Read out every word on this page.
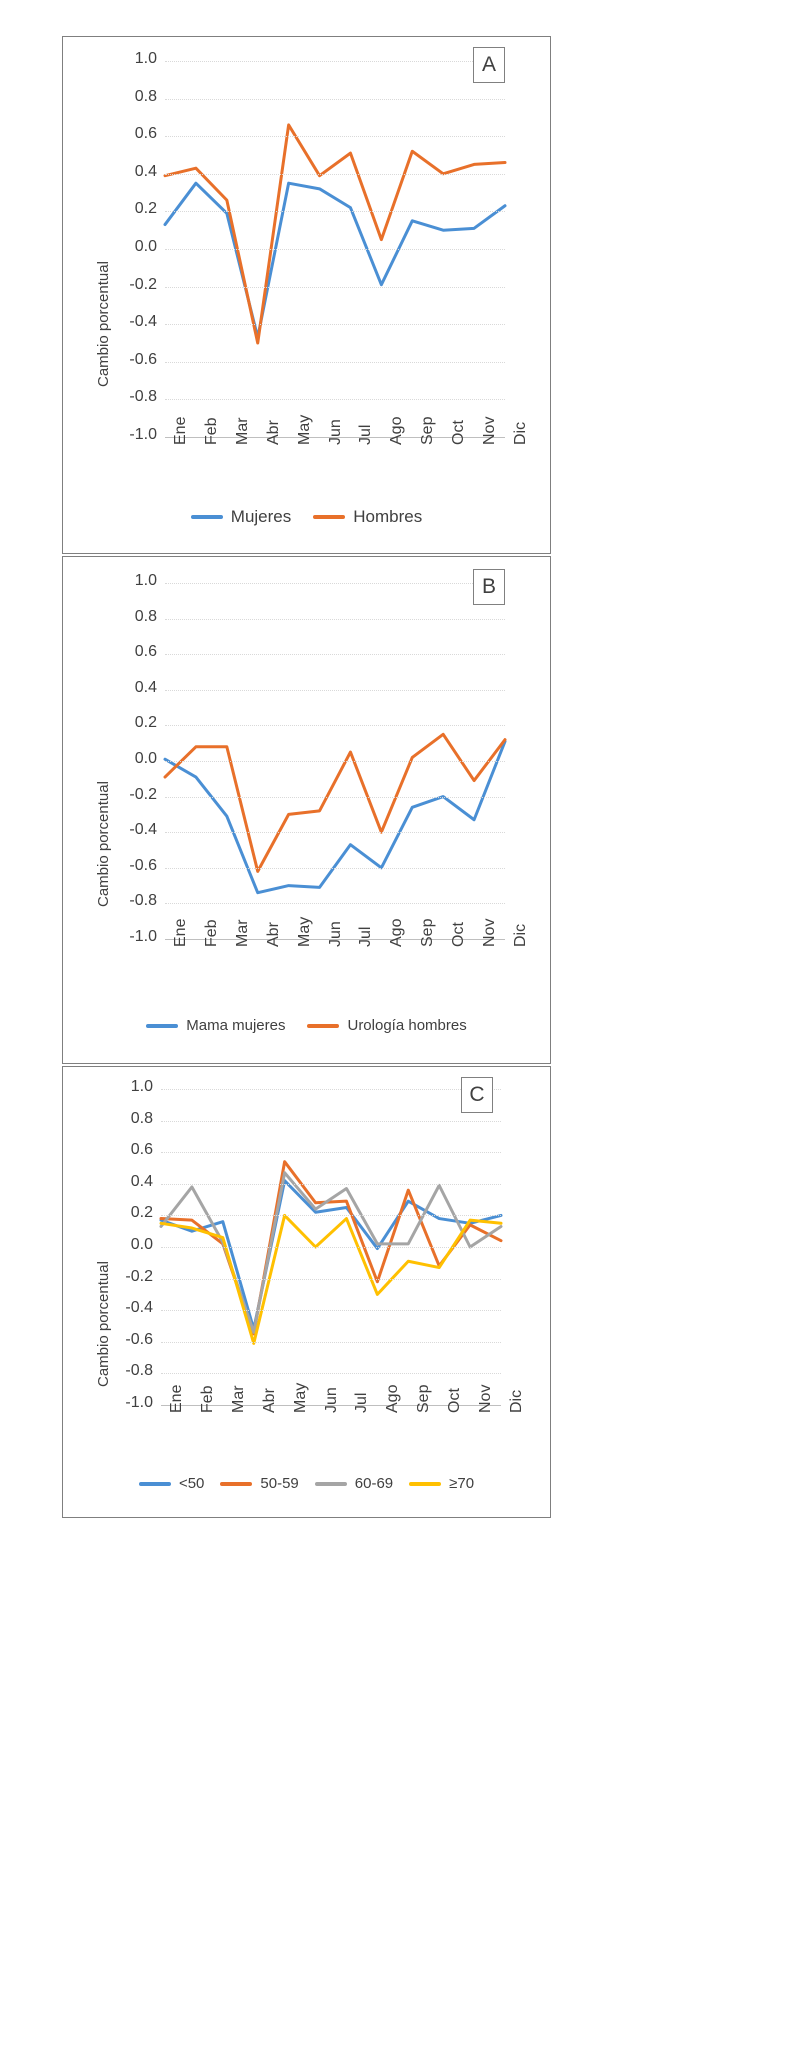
A
Cambio porcentual
Mujeres	Hombres
1.0
0.8
0.6
0.4
0.2
0.0
-0.2
-0.4
-0.6
-0.8
-1.0 Ene Feb Mar Abr May Jun Jul Ago Sep Oct Nov Dic
B
Cambio porcentual
Mama mujeres	Urología hombres
1.0
0.8
0.6
0.4
0.2
0.0
-0.2
-0.4
-0.6
-0.8
-1.0 Ene Feb Mar Abr May Jun Jul Ago Sep Oct Nov Dic
C
Cambio porcentual
<50	50-59	60-69	≥70
1.0
0.8
0.6
0.4
0.2
0.0
-0.2
-0.4
-0.6
-0.8
-1.0 Ene Feb Mar Abr May Jun Jul Ago Sep Oct Nov Dic
